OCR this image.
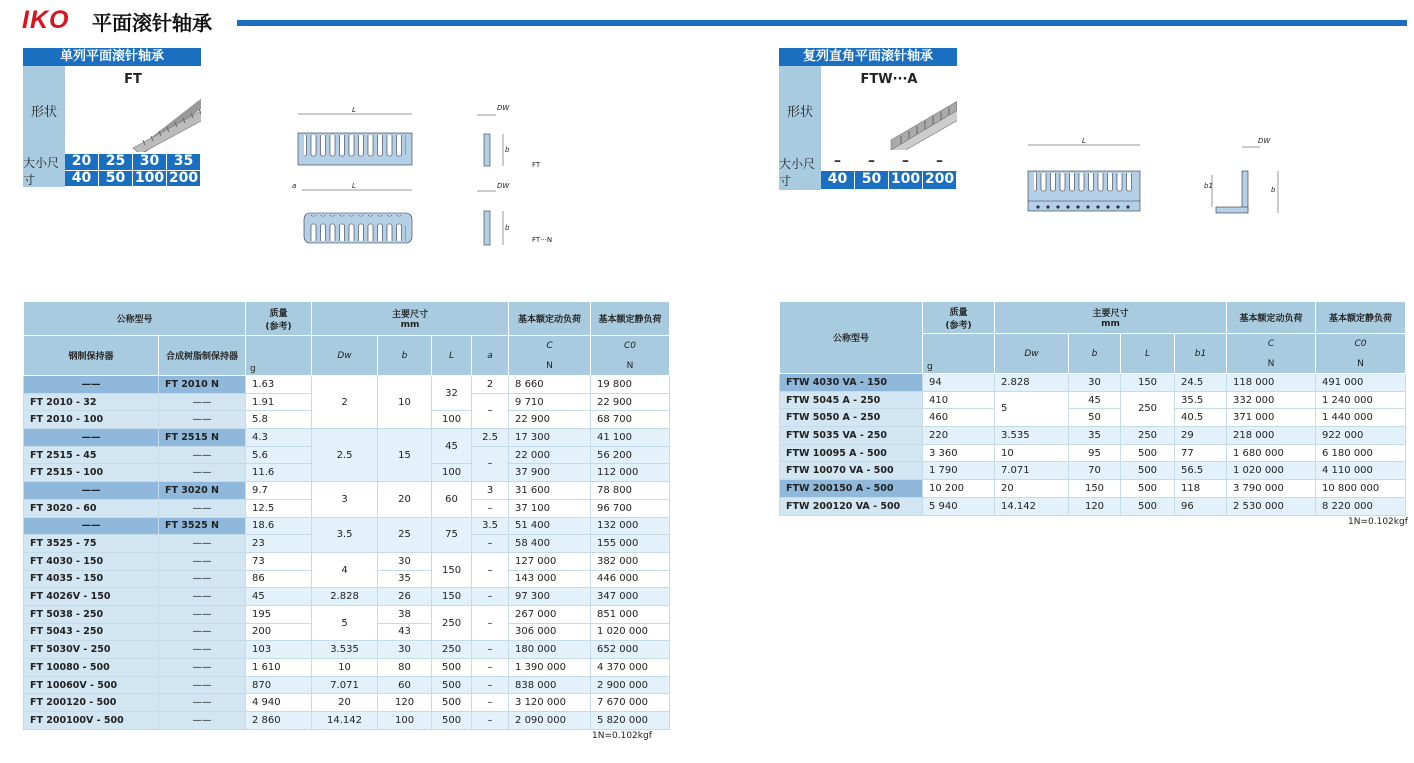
IKO 平面滚针轴承
单列平面滚针轴承
形状
FT
大小尺寸
20	25	30	35
40	50 100 200
复列直角平面滚针轴承
形状
FTW···A
大小尺寸
–	–	–	–
40	50 100 200
L	DW
b
FT
L
a	DW
b
FT···N
L	DW
b
b1
公称型号		质量
(参考)	主要尺寸
mm				基本额定动负荷	基本额定静负荷
钢制保持器	合成树脂制保持器	g	Dw	b	L	a	C

N	C0

N
——	FT 2010 N	1.63	2	10	32	2	8 660	19 800
FT 2010 - 32	——	1.91				–	9 710	22 900
FT 2010 - 100	——	5.8			100		22 900	68 700
——	FT 2515 N	4.3	2.5	15	45	2.5	17 300	41 100
FT 2515 - 45	——	5.6				–	22 000	56 200
FT 2515 - 100	——	11.6			100		37 900	112 000
——	FT 3020 N	9.7	3	20	60	3	31 600	78 800
FT 3020 - 60	——	12.5				–	37 100	96 700
——	FT 3525 N	18.6	3.5	25	75	3.5	51 400	132 000
FT 3525 - 75	——	23				–	58 400	155 000
FT 4030 - 150	——	73	4	30	150	–	127 000	382 000
FT 4035 - 150	——	86		35			143 000	446 000
FT 4026V - 150	——	45	2.828	26	150	–	97 300	347 000
FT 5038 - 250	——	195	5	38	250	–	267 000	851 000
FT 5043 - 250	——	200		43			306 000	1 020 000
FT 5030V - 250	——	103	3.535	30	250	–	180 000	652 000
FT 10080 - 500	——	1 610	10	80	500	–	1 390 000	4 370 000
FT 10060V - 500	——	870	7.071	60	500	–	838 000	2 900 000
FT 200120 - 500	——	4 940	20	120	500	–	3 120 000	7 670 000
FT 200100V - 500	——	2 860	14.142	100	500	–	2 090 000	5 820 000
1N=0.102kgf
公称型号	质量
(参考)	主要尺寸
mm				基本额定动负荷	基本额定静负荷
	g	Dw	b	L	b1	C

N	C0

N
FTW 4030 VA - 150	94	2.828	30	150	24.5	118 000	491 000
FTW 5045 A - 250	410	5	45	250	35.5	332 000	1 240 000
FTW 5050 A - 250	460		50		40.5	371 000	1 440 000
FTW 5035 VA - 250	220	3.535	35	250	29	218 000	922 000
FTW 10095 A - 500	3 360	10	95	500	77	1 680 000	6 180 000
FTW 10070 VA - 500	1 790	7.071	70	500	56.5	1 020 000	4 110 000
FTW 200150 A - 500	10 200	20	150	500	118	3 790 000	10 800 000
FTW 200120 VA - 500	5 940	14.142	120	500	96	2 530 000	8 220 000
1N=0.102kgf
